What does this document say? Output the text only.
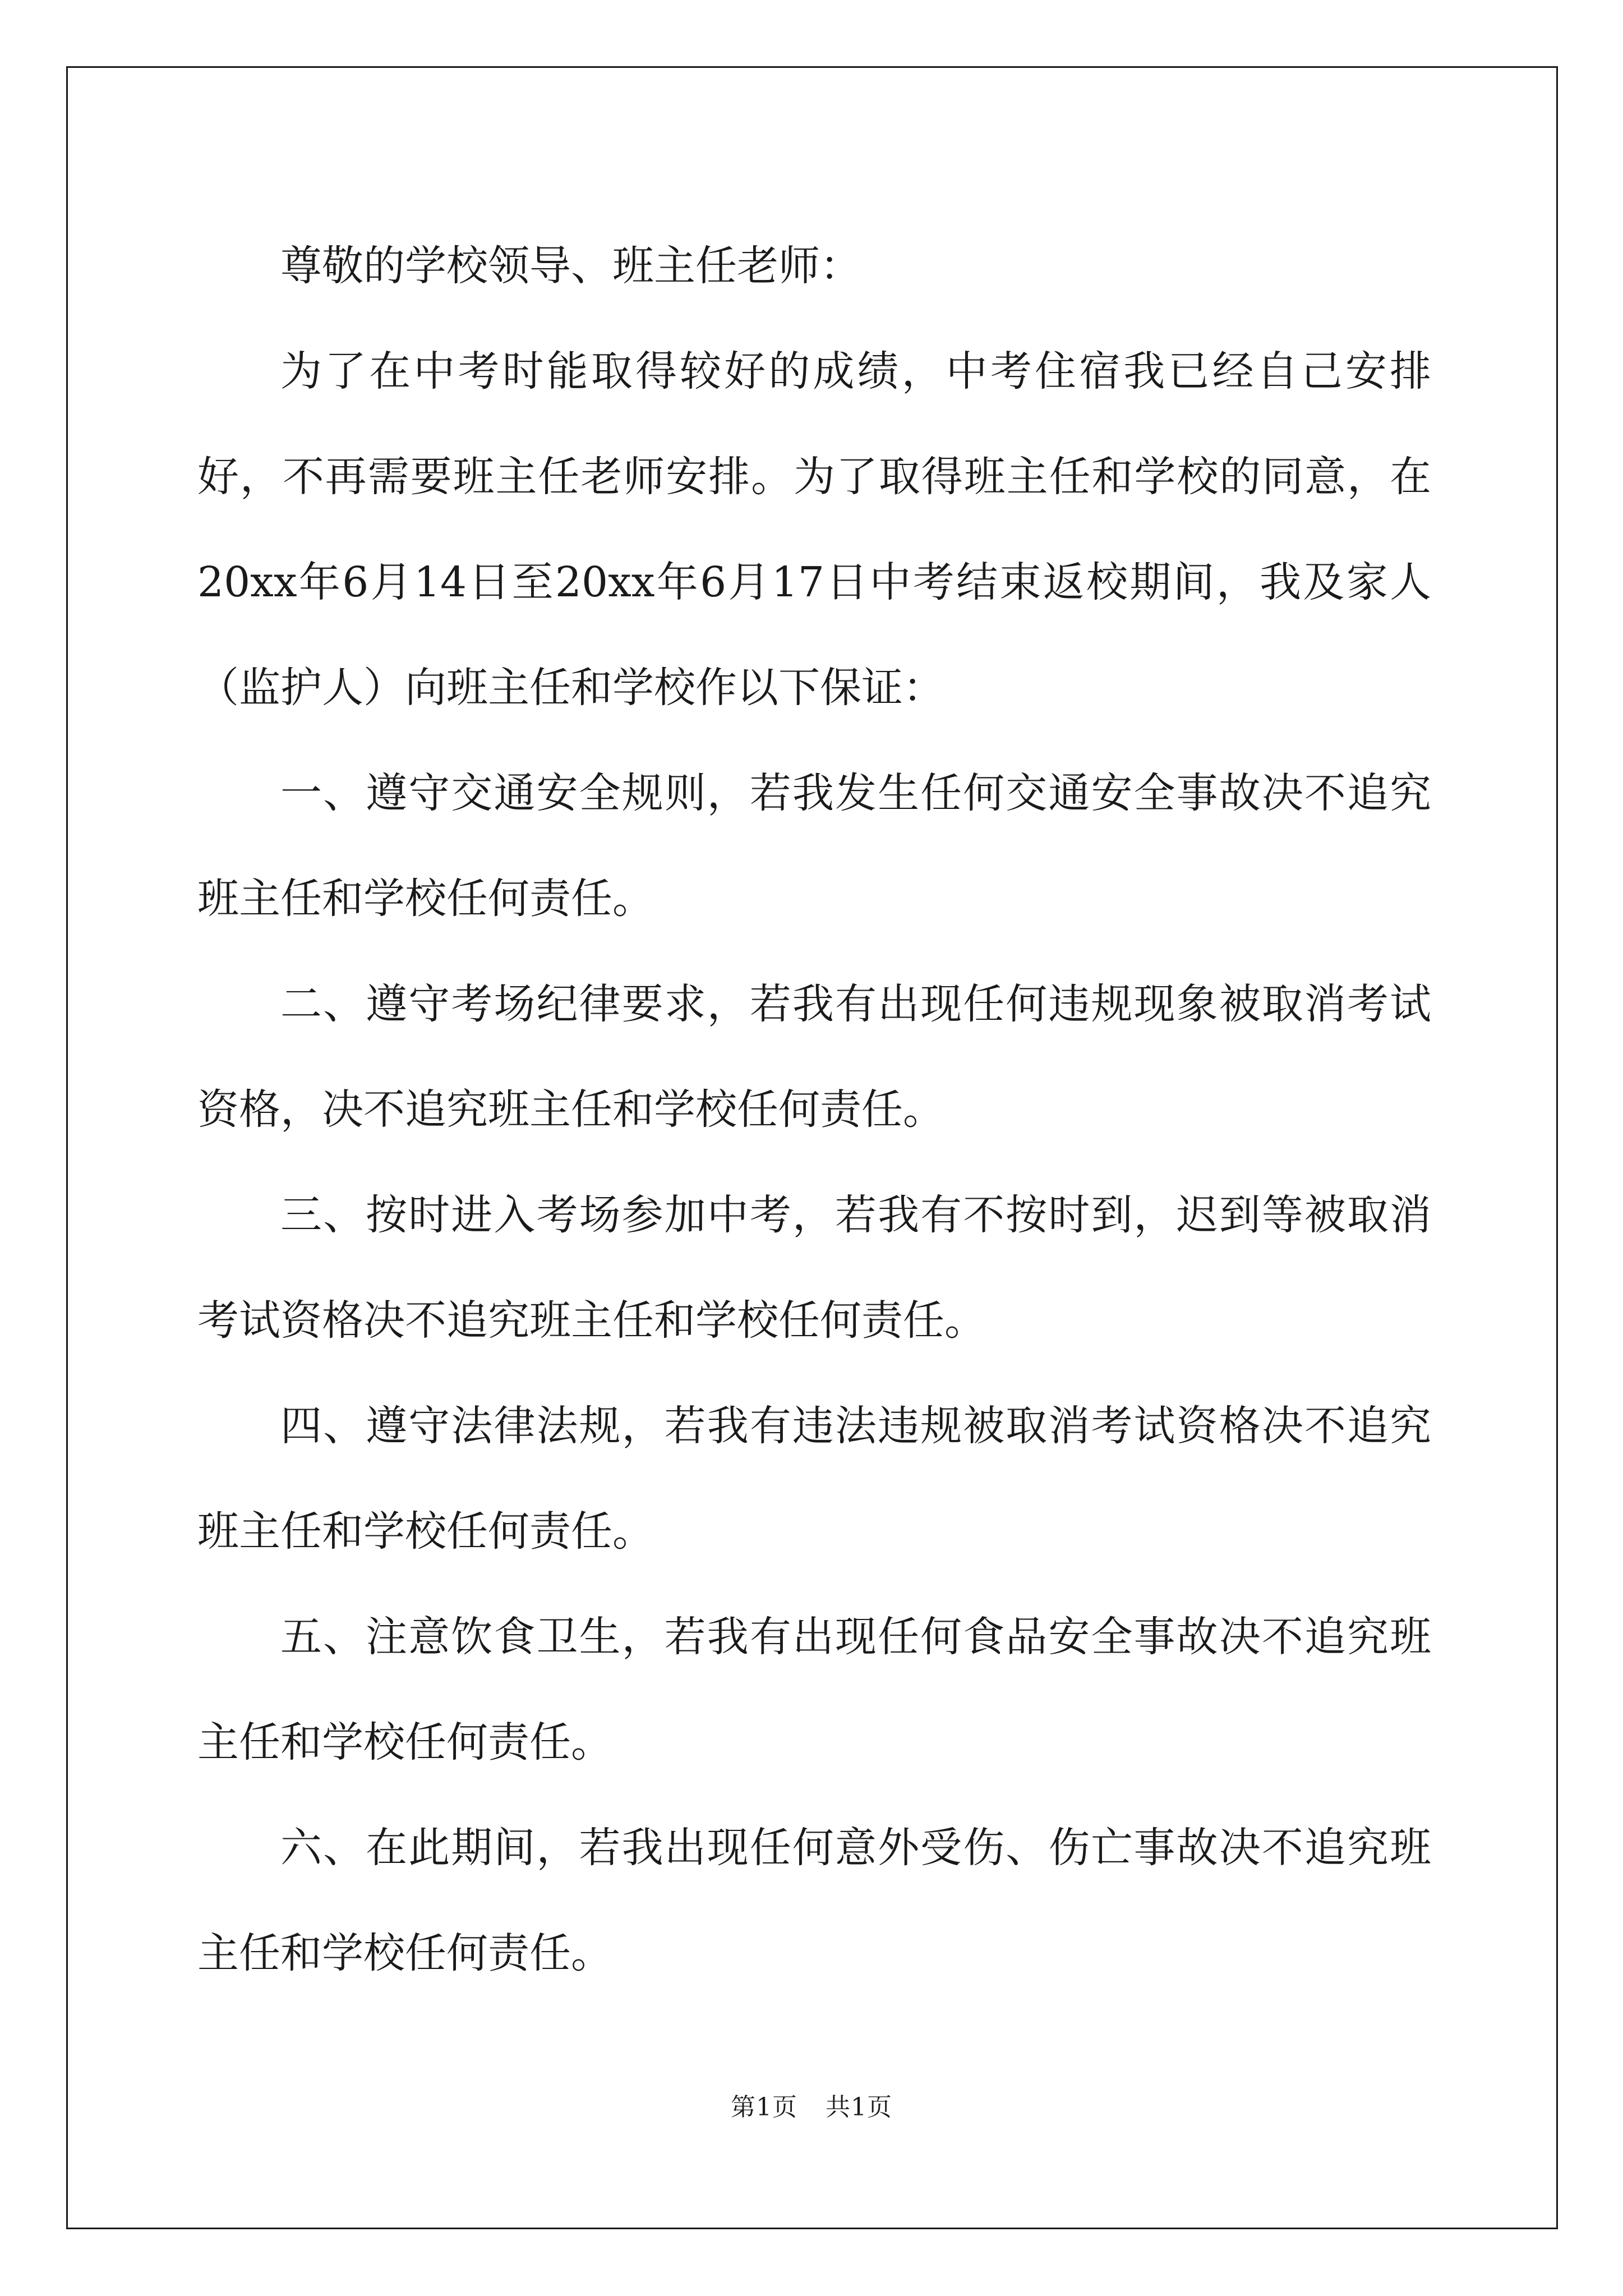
尊敬的学校领导、班主任老师：

为了在中考时能取得较好的成绩，中考住宿我已经自己安排好，不再需要班主任老师安排。为了取得班主任和学校的同意，在20xx年6月14日至20xx年6月17日中考结束返校期间，我及家人（监护人）向班主任和学校作以下保证：

一、遵守交通安全规则，若我发生任何交通安全事故决不追究班主任和学校任何责任。

二、遵守考场纪律要求，若我有出现任何违规现象被取消考试资格，决不追究班主任和学校任何责任。

三、按时进入考场参加中考，若我有不按时到，迟到等被取消考试资格决不追究班主任和学校任何责任。

四、遵守法律法规，若我有违法违规被取消考试资格决不追究班主任和学校任何责任。

五、注意饮食卫生，若我有出现任何食品安全事故决不追究班主任和学校任何责任。

六、在此期间，若我出现任何意外受伤、伤亡事故决不追究班主任和学校任何责任。

第1页 共1页
